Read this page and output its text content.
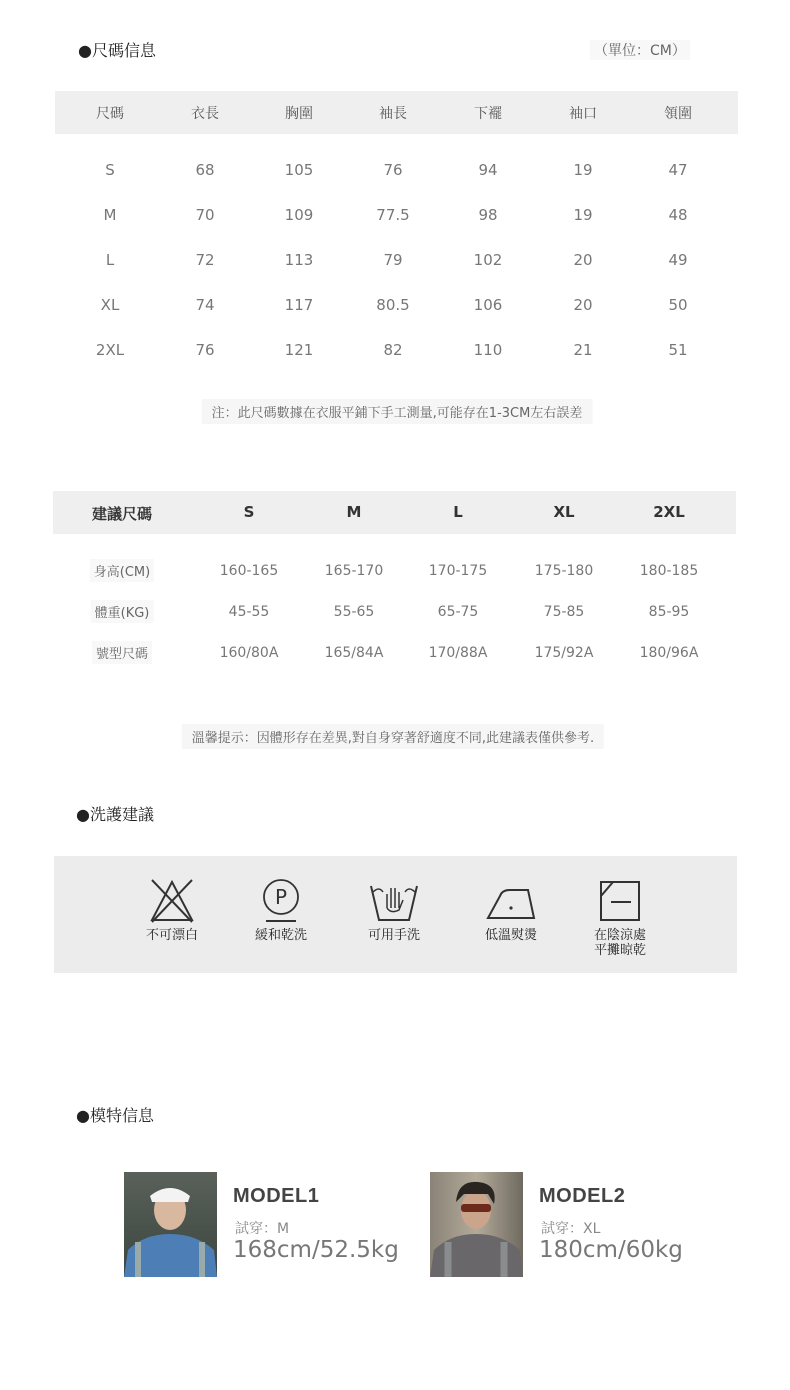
●尺碼信息	（單位：CM）
尺碼	衣長	胸圍	袖長	下襬	袖口	領圍
S	68	105	76	94	19	47
M	70	109	77.5	98	19	48
L	72	113	79	102	20	49
XL	74	117	80.5	106	20	50
2XL	76	121	82	110	21	51
注：此尺碼數據在衣服平鋪下手工測量,可能存在1-3CM左右誤差
建議尺碼	S	M	L	XL	2XL
身高(CM)	160-165	165-170	170-175	175-180	180-185
體重(KG)	45-55	55-65	65-75	75-85	85-95
號型尺碼	160/80A	165/84A	170/88A	175/92A	180/96A
溫馨提示：因體形存在差異,對自身穿著舒適度不同,此建議表僅供參考.
●洗護建議
不可漂白
P
緩和乾洗	可用手洗	低溫熨燙	在陰涼處
平攤晾乾
●模特信息
MODEL1
試穿：M
168cm/52.5kg
MODEL2
試穿：XL
180cm/60kg
